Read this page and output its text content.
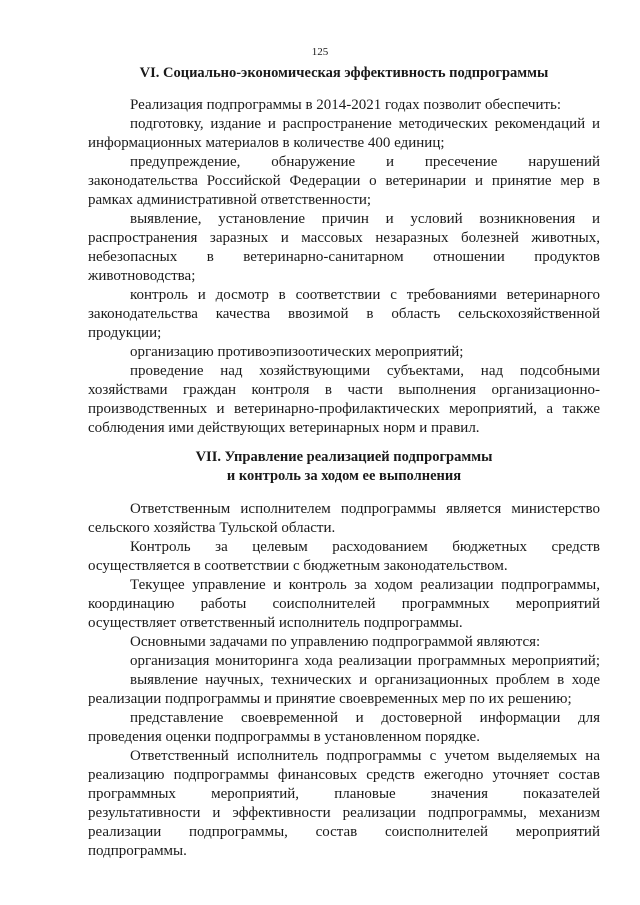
125
VI. Социально-экономическая эффективность подпрограммы
Реализация подпрограммы в 2014-2021 годах позволит обеспечить:
подготовку, издание и распространение методических рекомендаций и
информационных материалов в количестве 400 единиц;
предупреждение, обнаружение и пресечение нарушений
законодательства Российской Федерации о ветеринарии и принятие мер в
рамках административной ответственности;
выявление, установление причин и условий возникновения и
распространения заразных и массовых незаразных болезней животных,
небезопасных в ветеринарно-санитарном отношении продуктов
животноводства;
контроль и досмотр в соответствии с требованиями ветеринарного
законодательства качества ввозимой в область сельскохозяйственной
продукции;
организацию противоэпизоотических мероприятий;
проведение над хозяйствующими субъектами, над подсобными
хозяйствами граждан контроля в части выполнения организационно-
производственных и ветеринарно-профилактических мероприятий, а также
соблюдения ими действующих ветеринарных норм и правил.
VII. Управление реализацией подпрограммы
и контроль за ходом ее выполнения
Ответственным исполнителем подпрограммы является министерство
сельского хозяйства Тульской области.
Контроль за целевым расходованием бюджетных средств
осуществляется в соответствии с бюджетным законодательством.
Текущее управление и контроль за ходом реализации подпрограммы,
координацию работы соисполнителей программных мероприятий
осуществляет ответственный исполнитель подпрограммы.
Основными задачами по управлению подпрограммой являются:
организация мониторинга хода реализации программных мероприятий;
выявление научных, технических и организационных проблем в ходе
реализации подпрограммы и принятие своевременных мер по их решению;
представление своевременной и достоверной информации для
проведения оценки подпрограммы в установленном порядке.
Ответственный исполнитель подпрограммы с учетом выделяемых на
реализацию подпрограммы финансовых средств ежегодно уточняет состав
программных мероприятий, плановые значения показателей
результативности и эффективности реализации подпрограммы, механизм
реализации подпрограммы, состав соисполнителей мероприятий
подпрограммы.
